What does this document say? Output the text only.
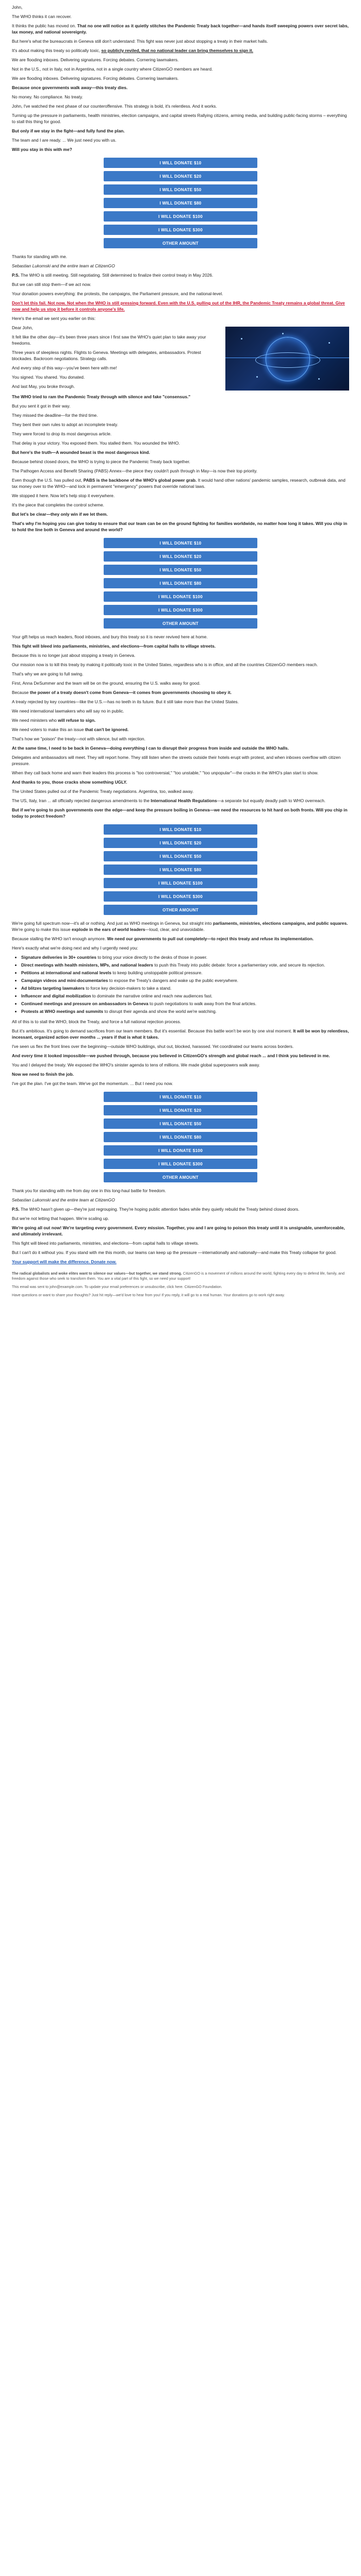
John,

The WHO thinks it can recover.

It thinks the public has moved on. That no one will notice as it quietly stitches the Pandemic Treaty back together—and hands itself sweeping powers over secret labs, lax money, and national sovereignty.

But here's what the bureaucrats in Geneva still don't understand: This fight was never just about stopping a treaty in their market halls.

It's about making this treaty so politically toxic, so publicly reviled, that no national leader can bring themselves to sign it.

We are flooding inboxes. Delivering signatures. Forcing debates. Cornering lawmakers.

Not in the U.S., not in Italy, not in Argentina, not in a single country where CitizenGO members are heard.

We are flooding inboxes. Delivering signatures. Forcing debates. Cornering lawmakers.

Because once governments walk away—this treaty dies.

No money. No compliance. No treaty.

John, I've watched the next phase of our counteroffensive. This strategy is bold, it's relentless. And it works.

Turning up the pressure in parliaments, health ministries, election campaigns, and capital streets Rallying citizens, arming media, and building public-facing storms – everything to stall this thing for good.

But only if we stay in the fight—and fully fund the plan.

The team and I are ready. ... We just need you with us.

Will you stay in this with me?

I WILL DONATE $10
I WILL DONATE $20
I WILL DONATE $50
I WILL DONATE $80
I WILL DONATE $100
I WILL DONATE $300
OTHER AMOUNT

Thanks for standing with me.

Sebastian Lukomski and the entire team at CitizenGO

P.S. The WHO is still meeting. Still negotiating. Still determined to finalize their control treaty in May 2026.

But we can still stop them—if we act now.

Your donation powers everything: the protests, the campaigns, the Parliament pressure, and the national-level.

Don't let this fail. Not now. Not when the WHO is still pressing forward. Even with the U.S. pulling out of the IHR, the Pandemic Treaty remains a global threat. Give now and help us stop it before it controls anyone's life.

Here's the email we sent you earlier on this:

Dear John,

It felt like the other day—it's been three years since I first saw the WHO's quiet plan to take away your freedoms.

Three years of sleepless nights. Flights to Geneva. Meetings with delegates, ambassadors. Protest blockades. Backroom negotiations. Strategy calls.

And every step of this way—you've been here with me!

You signed. You shared. You donated.

And last May, you broke through.

The WHO tried to ram the Pandemic Treaty through with silence and fake "consensus."

But you sent it got in their way.

They missed the deadline—for the third time.

They bent their own rules to adopt an incomplete treaty.

They were forced to drop its most dangerous article.

That delay is your victory. You exposed them. You stalled them. You wounded the WHO.

But here's the truth—A wounded beast is the most dangerous kind.

Because behind closed doors, the WHO is trying to piece the Pandemic Treaty back together.

The Pathogen Access and Benefit Sharing (PABS) Annex—the piece they couldn't push through in May—is now their top priority.

Even though the U.S. has pulled out, PABS is the backbone of the WHO's global power grab. It would hand other nations' pandemic samples, research, outbreak data, and tax money over to the WHO—and lock in permanent "emergency" powers that override national laws.

We stopped it here. Now let's help stop it everywhere.

It's the piece that completes the control scheme.

But let's be clear—they only win if we let them.

That's why I'm hoping you can give today to ensure that our team can be on the ground fighting for families worldwide, no matter how long it takes. Will you chip in to hold the line both in Geneva and around the world?

I WILL DONATE $10
I WILL DONATE $20
I WILL DONATE $50
I WILL DONATE $80
I WILL DONATE $100
I WILL DONATE $300
OTHER AMOUNT

Your gift helps us reach leaders, flood inboxes, and bury this treaty so it is never revived here at home.

This fight will bleed into parliaments, ministries, and elections—from capital halls to village streets.

Because this is no longer just about stopping a treaty in Geneva.

Our mission now is to kill this treaty by making it politically toxic in the United States, regardless who is in office, and all the countries CitizenGO members reach.

That's why we are going to full swing.

First, Anna DeSummer and the team will be on the ground, ensuring the U.S. walks away for good.

Because the power of a treaty doesn't come from Geneva—it comes from governments choosing to obey it.

A treaty rejected by key countries—like the U.S.—has no teeth in its future. But it still take more than the United States.

We need international lawmakers who will say no in public.

We need ministers who will refuse to sign.

We need voters to make this an issue that can't be ignored.

That's how we "poison" the treaty—not with silence, but with rejection.

At the same time, I need to be back in Geneva—doing everything I can to disrupt their progress from inside and outside the WHO halls.

Delegates and ambassadors will meet. They will report home. They still listen when the streets outside their hotels erupt with protest, and when inboxes overflow with citizen pressure.

When they call back home and warn their leaders this process is "too controversial," "too unstable," "too unpopular"—the cracks in the WHO's plan start to show.

And thanks to you, those cracks show something UGLY.

The United States pulled out of the Pandemic Treaty negotiations. Argentina, too, walked away.

The US, Italy, Iran ... all officially rejected dangerous amendments to the International Health Regulations—a separate but equally deadly path to WHO overreach.

But if we're going to push governments over the edge—and keep the pressure boiling in Geneva—we need the resources to hit hard on both fronts. Will you chip in today to protect freedom?

I WILL DONATE $10
I WILL DONATE $20
I WILL DONATE $50
I WILL DONATE $80
I WILL DONATE $100
I WILL DONATE $300
OTHER AMOUNT

We're going full spectrum now—it's all or nothing. And just as WHO meetings in Geneva, but straight into parliaments, ministries, elections campaigns, and public squares. We're going to make this issue explode in the ears of world leaders—loud, clear, and unavoidable.

Because stalling the WHO isn't enough anymore. We need our governments to pull out completely—to reject this treaty and refuse its implementation.

Here's exactly what we're doing next and why I urgently need you:

• Signature deliveries in 30+ countries to bring your voice directly to the desks of those in power.
• Direct meetings with health ministers, MPs, and national leaders to push this Treaty into public debate: force a parliamentary vote, and secure its rejection.
• Petitions at international and national levels to keep building unstoppable political pressure.
• Campaign videos and mini-documentaries to expose the Treaty's dangers and wake up the public everywhere.
• Ad blitzes targeting lawmakers to force key decision-makers to take a stand.
• Influencer and digital mobilization to dominate the narrative online and reach new audiences fast.
• Continued meetings and pressure on ambassadors in Geneva to push negotiations to walk away from the final articles.
• Protests at WHO meetings and summits to disrupt their agenda and show the world we're watching.

All of this is to stall the WHO, block the Treaty, and force a full national rejection process.

But it's ambitious. It's going to demand sacrifices from our team members. But it's essential. Because this battle won't be won by one viral moment. It will be won by relentless, incessant, organized action over months ... years if that is what it takes.

I've seen us flex the front lines over the beginning—outside WHO buildings, shut out, blocked, harassed. Yet coordinated our teams across borders.

And every time it looked impossible—we pushed through, because you believed in CitizenGO's strength and global reach ... and I think you believed in me.

You and I delayed the treaty. We exposed the WHO's sinister agenda to tens of millions. We made global superpowers walk away.

Now we need to finish the job.

I've got the plan. I've got the team. We've got the momentum. ... But I need you now.

I WILL DONATE $10
I WILL DONATE $20
I WILL DONATE $50
I WILL DONATE $80
I WILL DONATE $100
I WILL DONATE $300
OTHER AMOUNT

Thank you for standing with me from day one in this long-haul battle for freedom.

Sebastian Lukomski and the entire team at CitizenGO

P.S. The WHO hasn't given up—they're just regrouping. They're hoping public attention fades while they quietly rebuild the Treaty behind closed doors.

But we're not letting that happen. We're scaling up.

We're going all out now! We're targeting every government. Every mission. Together, you and I are going to poison this treaty until it is unsignable, unenforceable, and ultimately irrelevant.

This fight will bleed into parliaments, ministries, and elections—from capital halls to village streets.

But I can't do it without you. If you stand with me this month, our teams can keep up the pressure —internationally and nationally—and make this Treaty collapse for good.

Your support will make the difference. Donate now.

The radical globalists and woke elites want to silence our values—but together, we stand strong. CitizenGO is a movement of millions around the world, fighting every day to defend life, family, and freedom against those who seek to transform them. You are a vital part of this fight, so we need your support!

This email was sent to john@example.com. To update your email preferences or unsubscribe, click here. CitizenGO Foundation.

Have questions or want to share your thoughts? Just hit reply—we'd love to hear from you! If you reply, it will go to a real human. Your donations go to work right away.
